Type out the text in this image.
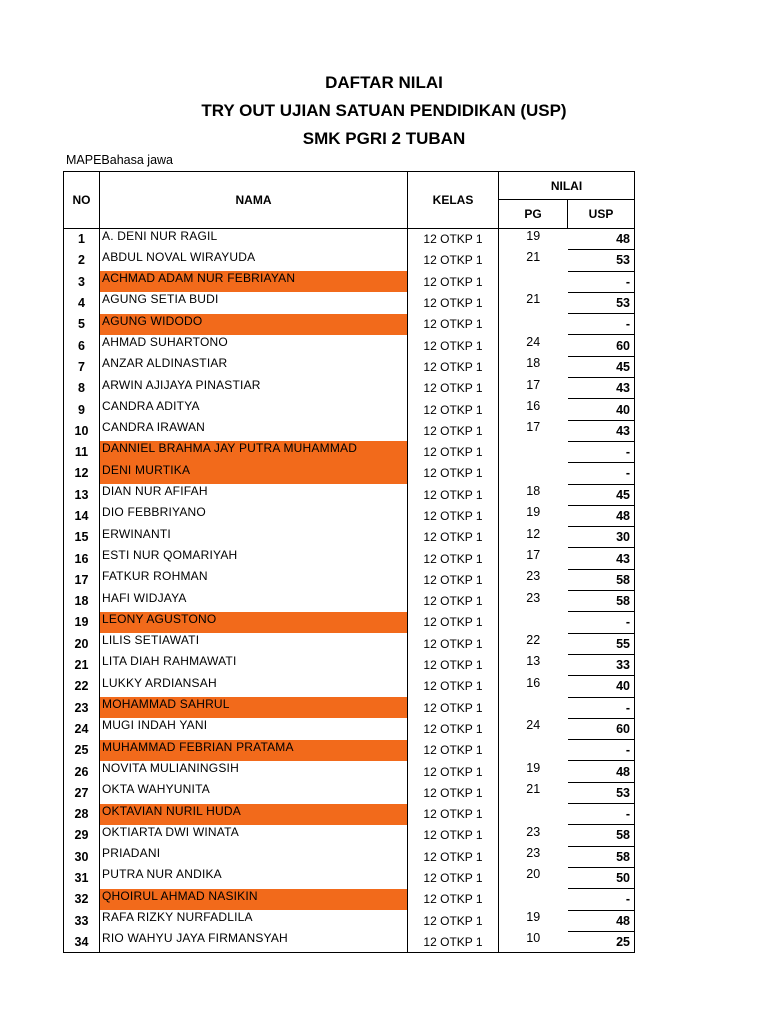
DAFTAR NILAI
TRY OUT UJIAN SATUAN PENDIDIKAN (USP)
SMK PGRI 2 TUBAN
MAPEBahasa jawa
NO	NAMA	KELAS	NILAI	
			PG	USP
1	A. DENI NUR RAGIL	12 OTKP 1	19	48
2	ABDUL NOVAL WIRAYUDA	12 OTKP 1	21	53
3	ACHMAD ADAM NUR FEBRIAYAN	12 OTKP 1		-
4	AGUNG SETIA BUDI	12 OTKP 1	21	53
5	AGUNG WIDODO	12 OTKP 1		-
6	AHMAD SUHARTONO	12 OTKP 1	24	60
7	ANZAR ALDINASTIAR	12 OTKP 1	18	45
8	ARWIN AJIJAYA PINASTIAR	12 OTKP 1	17	43
9	CANDRA ADITYA	12 OTKP 1	16	40
10	CANDRA IRAWAN	12 OTKP 1	17	43
11	DANNIEL BRAHMA JAY PUTRA MUHAMMAD	12 OTKP 1		-
12	DENI MURTIKA	12 OTKP 1		-
13	DIAN NUR AFIFAH	12 OTKP 1	18	45
14	DIO FEBBRIYANO	12 OTKP 1	19	48
15	ERWINANTI	12 OTKP 1	12	30
16	ESTI NUR QOMARIYAH	12 OTKP 1	17	43
17	FATKUR ROHMAN	12 OTKP 1	23	58
18	HAFI WIDJAYA	12 OTKP 1	23	58
19	LEONY AGUSTONO	12 OTKP 1		-
20	LILIS SETIAWATI	12 OTKP 1	22	55
21	LITA DIAH RAHMAWATI	12 OTKP 1	13	33
22	LUKKY ARDIANSAH	12 OTKP 1	16	40
23	MOHAMMAD SAHRUL	12 OTKP 1		-
24	MUGI INDAH YANI	12 OTKP 1	24	60
25	MUHAMMAD FEBRIAN PRATAMA	12 OTKP 1		-
26	NOVITA MULIANINGSIH	12 OTKP 1	19	48
27	OKTA WAHYUNITA	12 OTKP 1	21	53
28	OKTAVIAN NURIL HUDA	12 OTKP 1		-
29	OKTIARTA DWI WINATA	12 OTKP 1	23	58
30	PRIADANI	12 OTKP 1	23	58
31	PUTRA NUR ANDIKA	12 OTKP 1	20	50
32	QHOIRUL AHMAD NASIKIN	12 OTKP 1		-
33	RAFA RIZKY NURFADLILA	12 OTKP 1	19	48
34	RIO WAHYU JAYA FIRMANSYAH	12 OTKP 1	10	25
